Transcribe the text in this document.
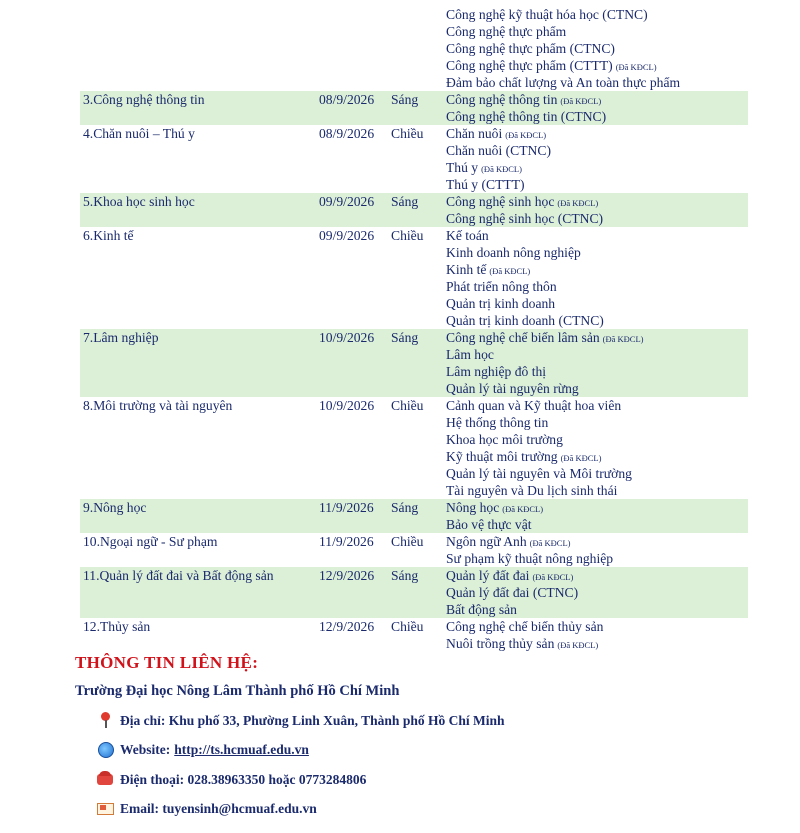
Công nghệ kỹ thuật hóa học (CTNC)
Công nghệ thực phẩm
Công nghệ thực phẩm (CTNC)
Công nghệ thực phẩm (CTTT) (Đã KĐCL)
Đảm bảo chất lượng và An toàn thực phẩm
3.Công nghệ thông tin	08/9/2026	Sáng	Công nghệ thông tin (Đã KĐCL)
Công nghệ thông tin (CTNC)
4.Chăn nuôi – Thú y	08/9/2026	Chiều	Chăn nuôi (Đã KĐCL)
Chăn nuôi (CTNC)
Thú y (Đã KĐCL)
Thú y (CTTT)
5.Khoa học sinh học	09/9/2026	Sáng	Công nghệ sinh học (Đã KĐCL)
Công nghệ sinh học (CTNC)
6.Kinh tế	09/9/2026	Chiều	Kế toán
Kinh doanh nông nghiệp
Kinh tế (Đã KĐCL)
Phát triển nông thôn
Quản trị kinh doanh
Quản trị kinh doanh (CTNC)
7.Lâm nghiệp	10/9/2026	Sáng	Công nghệ chế biến lâm sản (Đã KĐCL)
Lâm học
Lâm nghiệp đô thị
Quản lý tài nguyên rừng
8.Môi trường và tài nguyên	10/9/2026	Chiều	Cảnh quan và Kỹ thuật hoa viên
Hệ thống thông tin
Khoa học môi trường
Kỹ thuật môi trường (Đã KĐCL)
Quản lý tài nguyên và Môi trường
Tài nguyên và Du lịch sinh thái
9.Nông học	11/9/2026	Sáng	Nông học (Đã KĐCL)
Bảo vệ thực vật
10.Ngoại ngữ - Sư phạm	11/9/2026	Chiều	Ngôn ngữ Anh (Đã KĐCL)
Sư phạm kỹ thuật nông nghiệp
11.Quản lý đất đai và Bất động sản	12/9/2026	Sáng	Quản lý đất đai (Đã KĐCL)
Quản lý đất đai (CTNC)
Bất động sản
12.Thủy sản	12/9/2026	Chiều	Công nghệ chế biến thủy sản
Nuôi trồng thủy sản (Đã KĐCL)
THÔNG TIN LIÊN HỆ:
Trường Đại học Nông Lâm Thành phố Hồ Chí Minh
Địa chỉ: Khu phố 33, Phường Linh Xuân, Thành phố Hồ Chí Minh
Website: http://ts.hcmuaf.edu.vn
Điện thoại: 028.38963350 hoặc 0773284806
Email: tuyensinh@hcmuaf.edu.vn
